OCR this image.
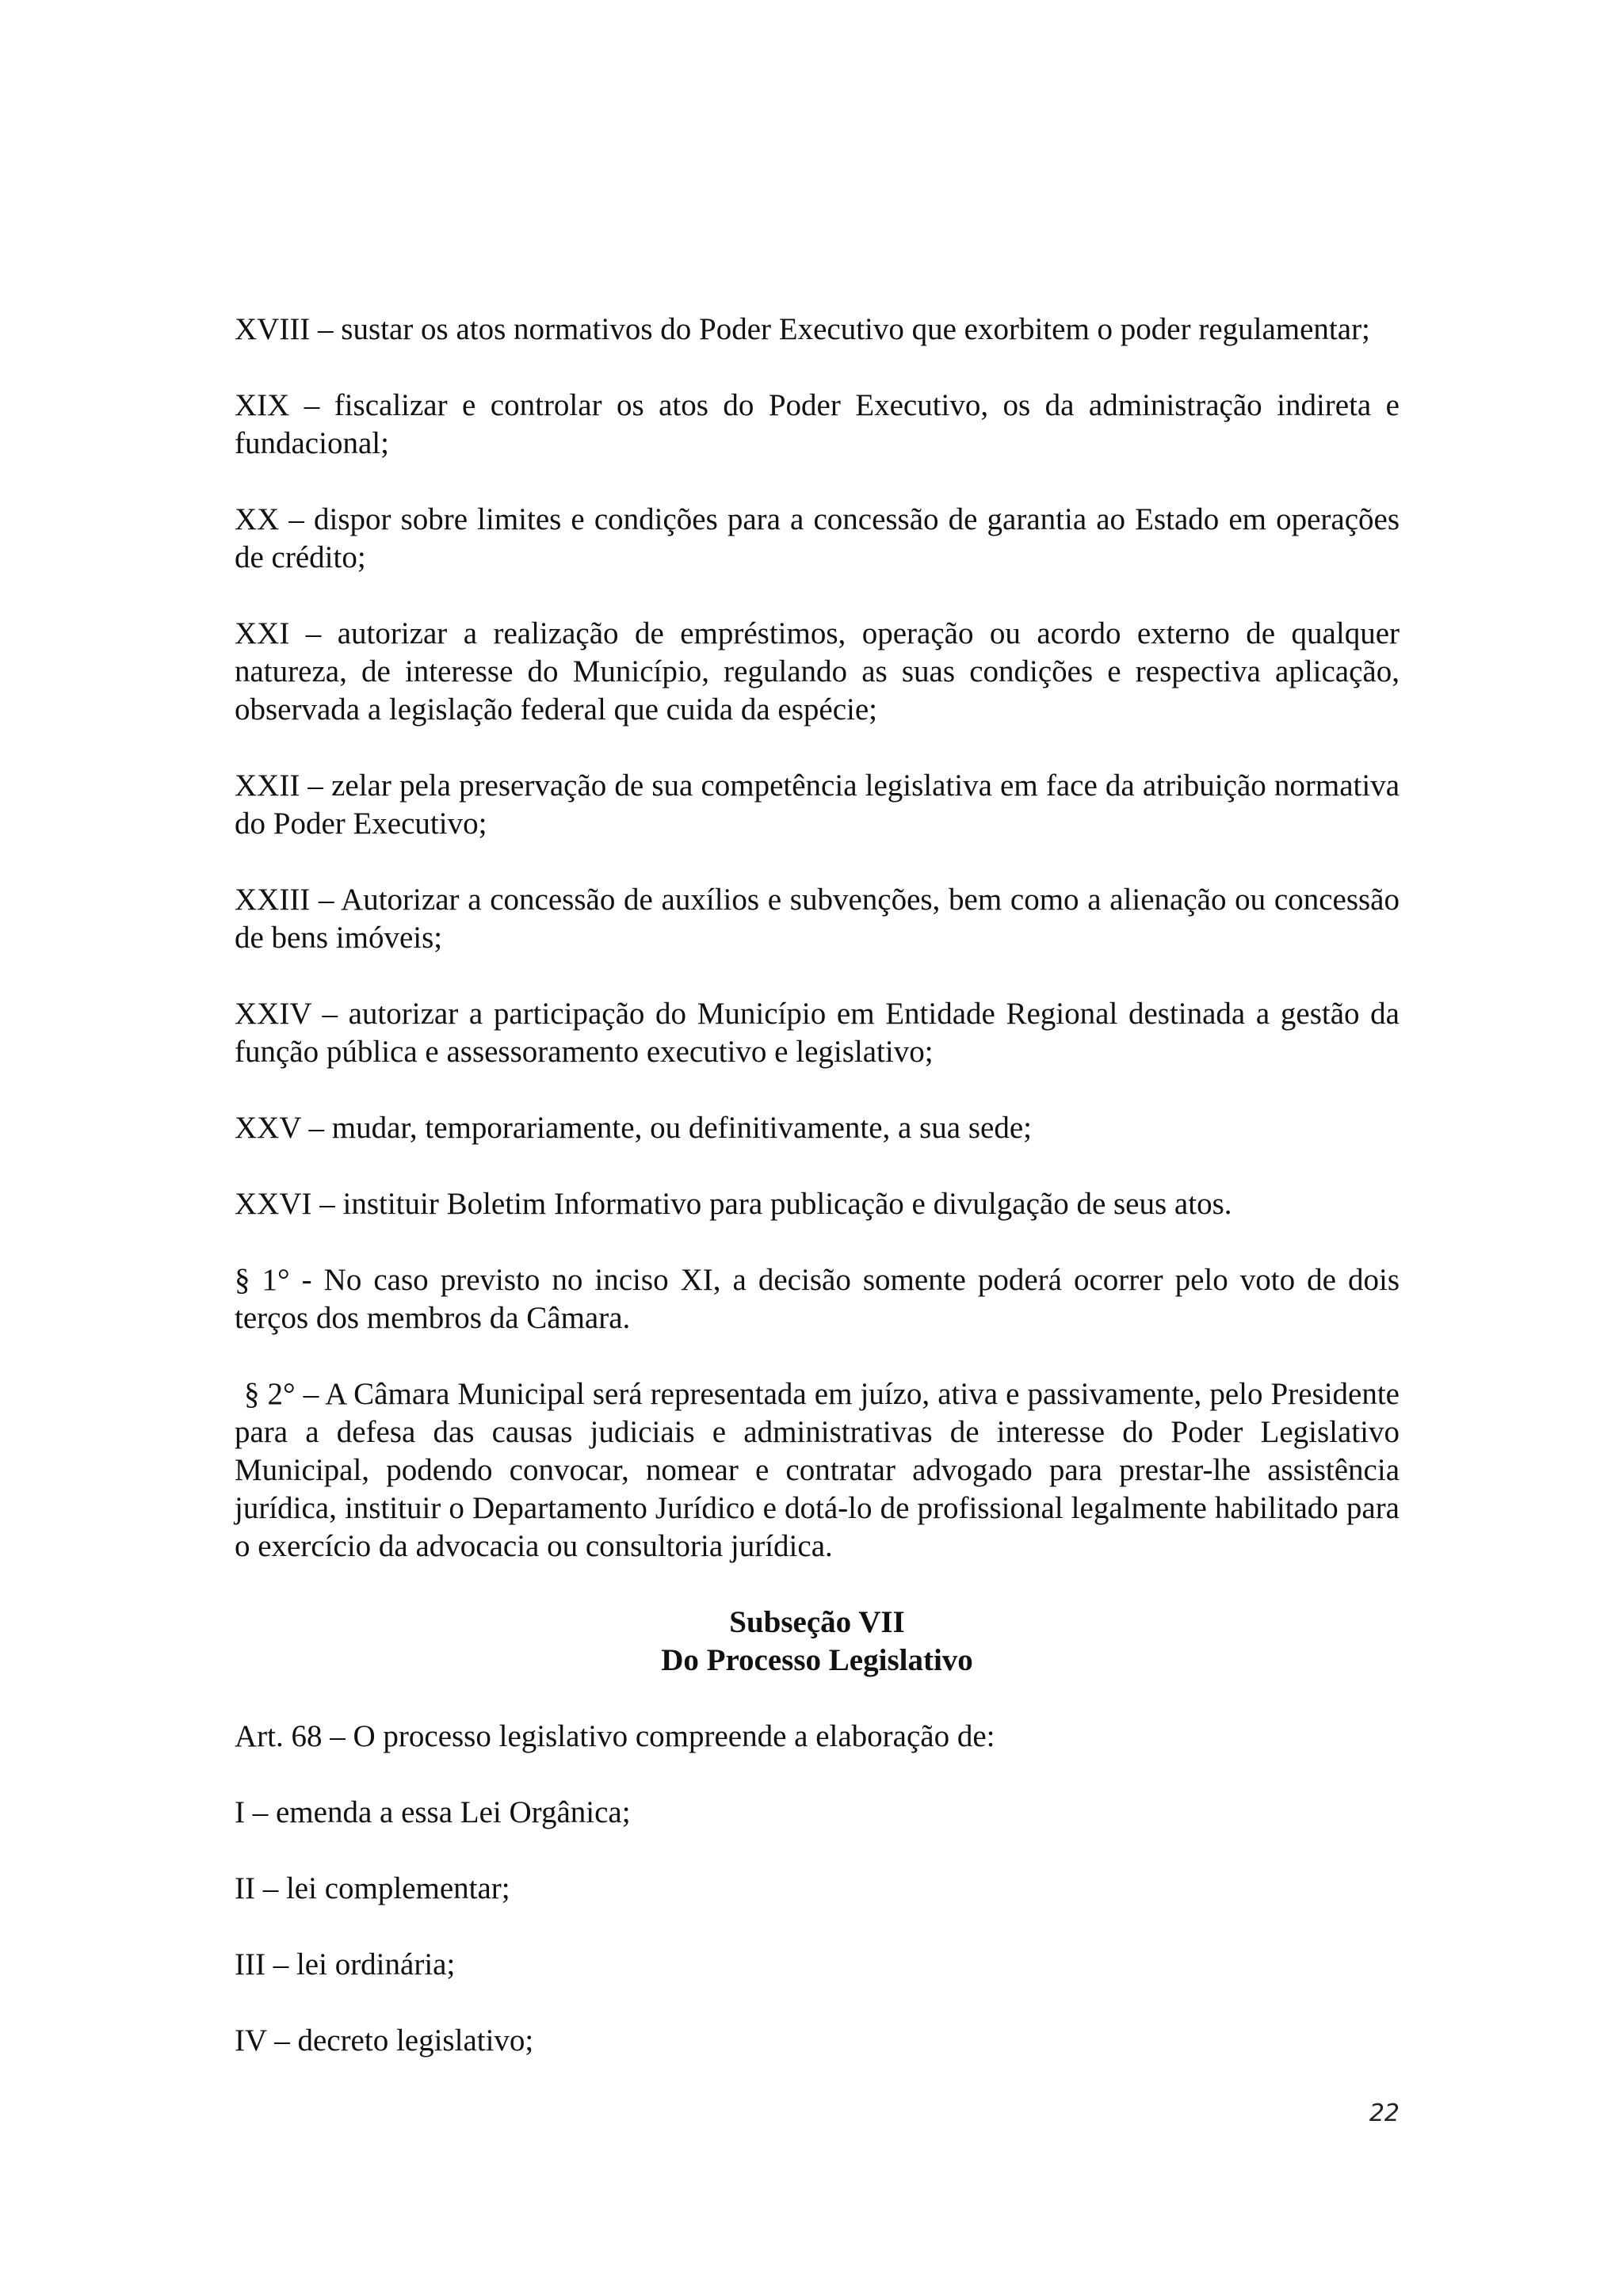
XVIII – sustar os atos normativos do Poder Executivo que exorbitem o poder regulamentar;

XIX – fiscalizar e controlar os atos do Poder Executivo, os da administração indireta e fundacional;

XX – dispor sobre limites e condições para a concessão de garantia ao Estado em operações de crédito;

XXI – autorizar a realização de empréstimos, operação ou acordo externo de qualquer natureza, de interesse do Município, regulando as suas condições e respectiva aplicação, observada a legislação federal que cuida da espécie;

XXII – zelar pela preservação de sua competência legislativa em face da atribuição normativa do Poder Executivo;

XXIII – Autorizar a concessão de auxílios e subvenções, bem como a alienação ou concessão de bens imóveis;

XXIV – autorizar a participação do Município em Entidade Regional destinada a gestão da função pública e assessoramento executivo e legislativo;

XXV – mudar, temporariamente, ou definitivamente, a sua sede;

XXVI – instituir Boletim Informativo para publicação e divulgação de seus atos.

§ 1° - No caso previsto no inciso XI, a decisão somente poderá ocorrer pelo voto de dois terços dos membros da Câmara.

§ 2° – A Câmara Municipal será representada em juízo, ativa e passivamente, pelo Presidente para a defesa das causas judiciais e administrativas de interesse do Poder Legislativo Municipal, podendo convocar, nomear e contratar advogado para prestar-lhe assistência jurídica, instituir o Departamento Jurídico e dotá-lo de profissional legalmente habilitado para o exercício da advocacia ou consultoria jurídica.

Subseção VII
Do Processo Legislativo

Art. 68 – O processo legislativo compreende a elaboração de:

I – emenda a essa Lei Orgânica;

II – lei complementar;

III – lei ordinária;

IV – decreto legislativo;

22
